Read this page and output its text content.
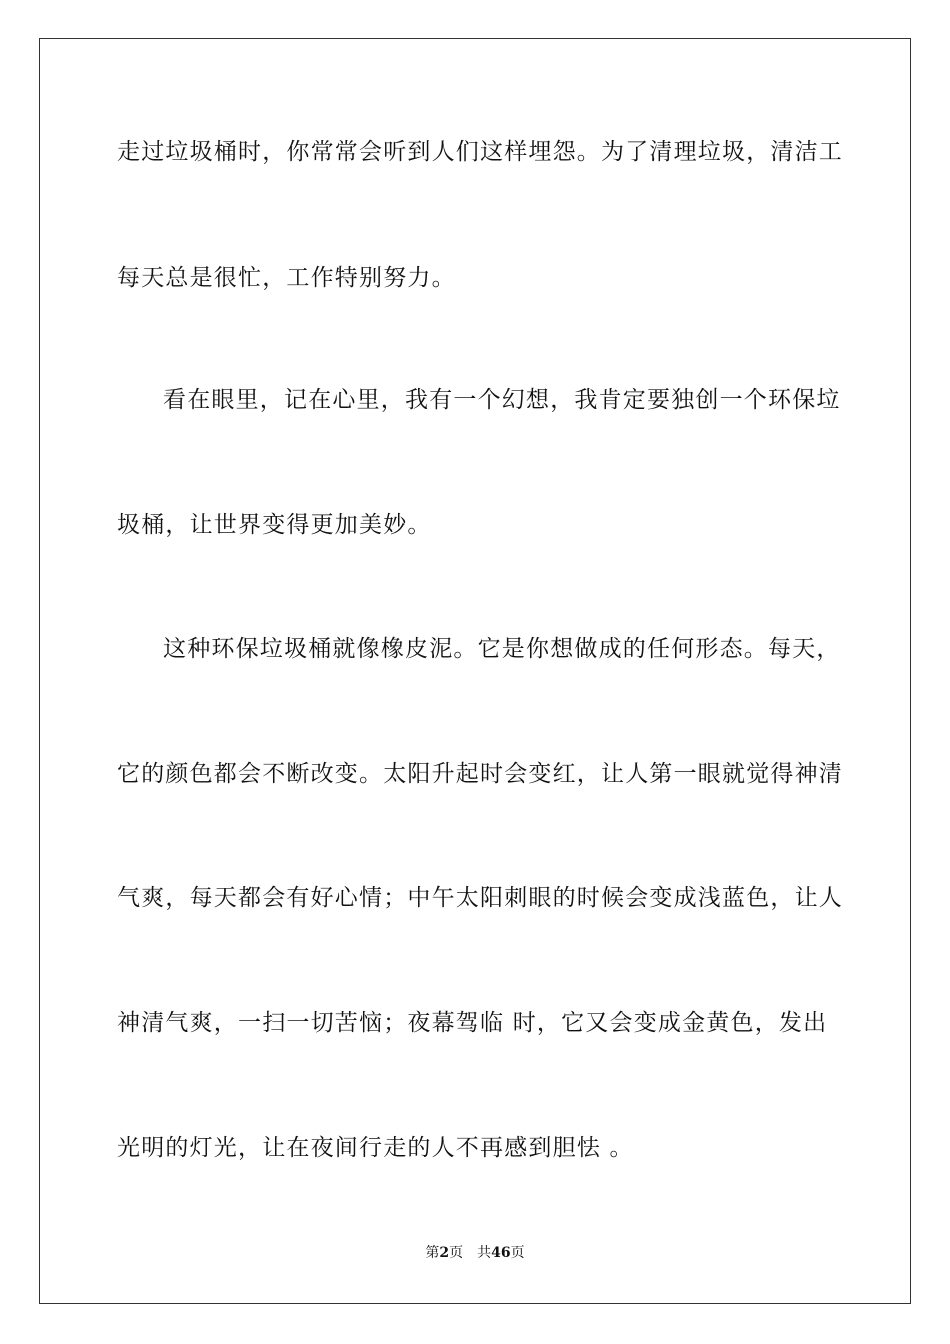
走过垃圾桶时，你常常会听到人们这样埋怨。为了清理垃圾，清洁工
每天总是很忙，工作特别努力。
看在眼里，记在心里，我有一个幻想，我肯定要独创一个环保垃
圾桶，让世界变得更加美妙。
这种环保垃圾桶就像橡皮泥。它是你想做成的任何形态。每天，
它的颜色都会不断改变。太阳升起时会变红，让人第一眼就觉得神清
气爽，每天都会有好心情；中午太阳刺眼的时候会变成浅蓝色，让人
神清气爽，一扫一切苦恼；夜幕驾临 时，它又会变成金黄色，发出
光明的灯光，让在夜间行走的人不再感到胆怯 。
第2页 共46页
